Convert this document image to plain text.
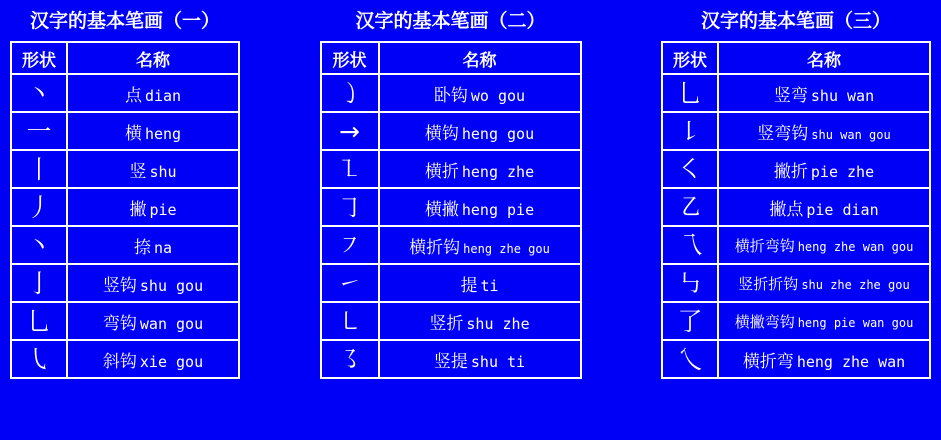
汉字的基本笔画（一）
形状	名称
丶	点 dian
一	横 heng
丨	竖 shu
丿	撇 pie
丶	捺 na
亅	竖钩 shu gou
乚	弯钩 wan gou
㇂	斜钩 xie gou
汉字的基本笔画（二）
形状	名称
㇁	卧钩 wo gou
→	横钩 heng gou
㇅	横折 heng zhe
㇆	横撇 heng pie
㇇	横折钩 heng zhe gou
㇀	提 ti
㇄	竖折 shu zhe
㇌	竖提 shu ti
汉字的基本笔画（三）
形状	名称
乚	竖弯 shu wan
㇙	竖弯钩 shu wan gou
㇛	撇折 pie zhe
㇠	撇点 pie dian
乁	横折弯钩 heng zhe wan gou
㇉	竖折折钩 shu zhe zhe gou
了	横撇弯钩 heng pie wan gou
乀	横折弯 heng zhe wan
